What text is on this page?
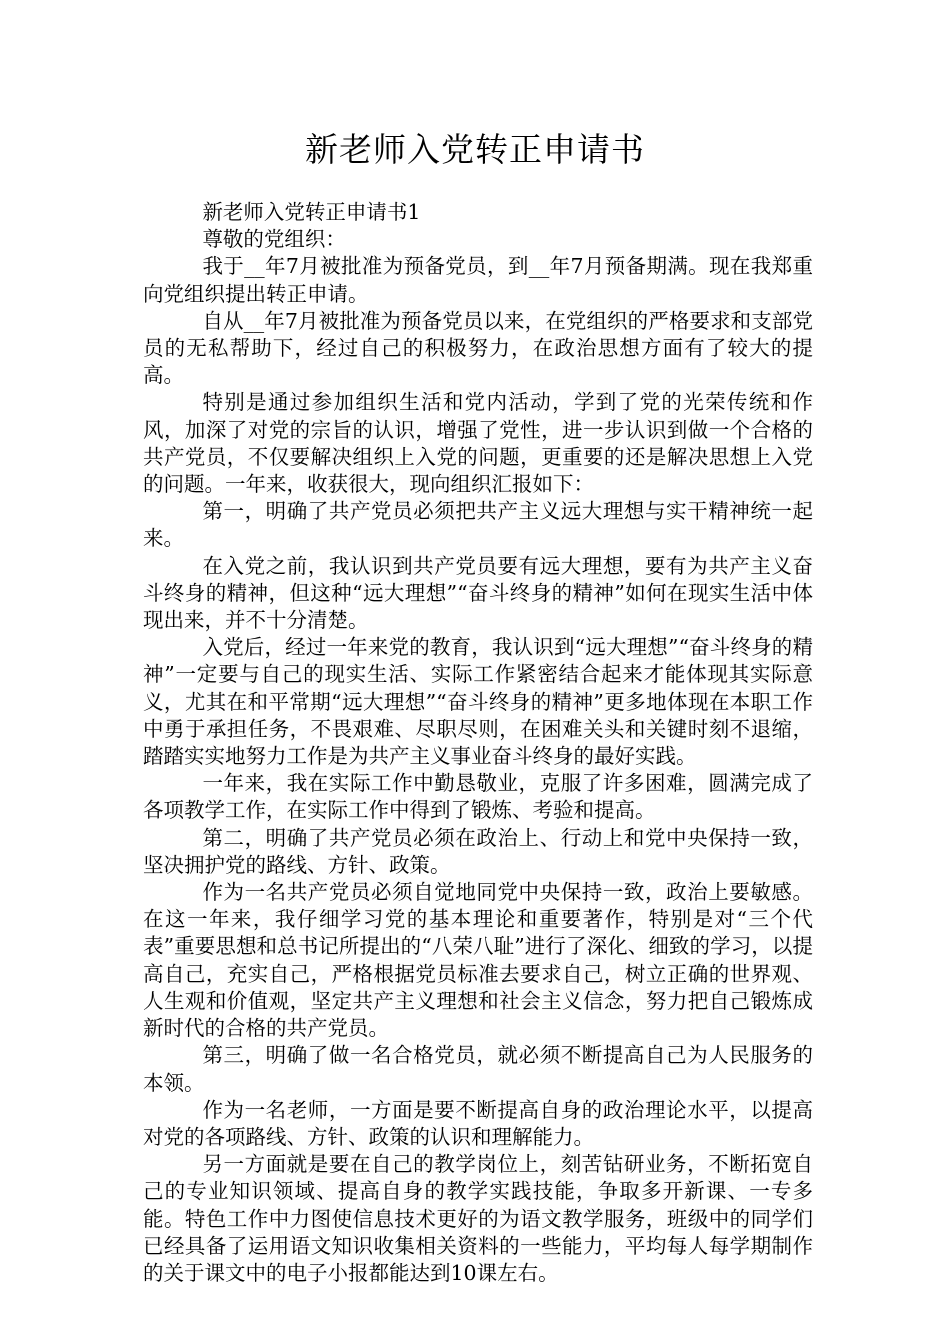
新老师入党转正申请书

新老师入党转正申请书1

尊敬的党组织：

我于__年7月被批准为预备党员，到__年7月预备期满。现在我郑重向党组织提出转正申请。

自从__年7月被批准为预备党员以来，在党组织的严格要求和支部党员的无私帮助下，经过自己的积极努力，在政治思想方面有了较大的提高。

特别是通过参加组织生活和党内活动，学到了党的光荣传统和作风，加深了对党的宗旨的认识，增强了党性，进一步认识到做一个合格的共产党员，不仅要解决组织上入党的问题，更重要的还是解决思想上入党的问题。一年来，收获很大，现向组织汇报如下：

第一，明确了共产党员必须把共产主义远大理想与实干精神统一起来。

在入党之前，我认识到共产党员要有远大理想，要有为共产主义奋斗终身的精神，但这种“远大理想”“奋斗终身的精神”如何在现实生活中体现出来，并不十分清楚。

入党后，经过一年来党的教育，我认识到“远大理想”“奋斗终身的精神”一定要与自己的现实生活、实际工作紧密结合起来才能体现其实际意义，尤其在和平常期“远大理想”“奋斗终身的精神”更多地体现在本职工作中勇于承担任务，不畏艰难、尽职尽则，在困难关头和关键时刻不退缩，踏踏实实地努力工作是为共产主义事业奋斗终身的最好实践。

一年来，我在实际工作中勤恳敬业，克服了许多困难，圆满完成了各项教学工作，在实际工作中得到了锻炼、考验和提高。

第二，明确了共产党员必须在政治上、行动上和党中央保持一致，坚决拥护党的路线、方针、政策。

作为一名共产党员必须自觉地同党中央保持一致，政治上要敏感。在这一年来，我仔细学习党的基本理论和重要著作，特别是对“三个代表”重要思想和总书记所提出的“八荣八耻”进行了深化、细致的学习，以提高自己，充实自己，严格根据党员标准去要求自己，树立正确的世界观、人生观和价值观，坚定共产主义理想和社会主义信念，努力把自己锻炼成新时代的合格的共产党员。

第三，明确了做一名合格党员，就必须不断提高自己为人民服务的本领。

作为一名老师，一方面是要不断提高自身的政治理论水平，以提高对党的各项路线、方针、政策的认识和理解能力。

另一方面就是要在自己的教学岗位上，刻苦钻研业务，不断拓宽自己的专业知识领域、提高自身的教学实践技能，争取多开新课、一专多能。特色工作中力图使信息技术更好的为语文教学服务，班级中的同学们已经具备了运用语文知识收集相关资料的一些能力，平均每人每学期制作的关于课文中的电子小报都能达到10课左右。
